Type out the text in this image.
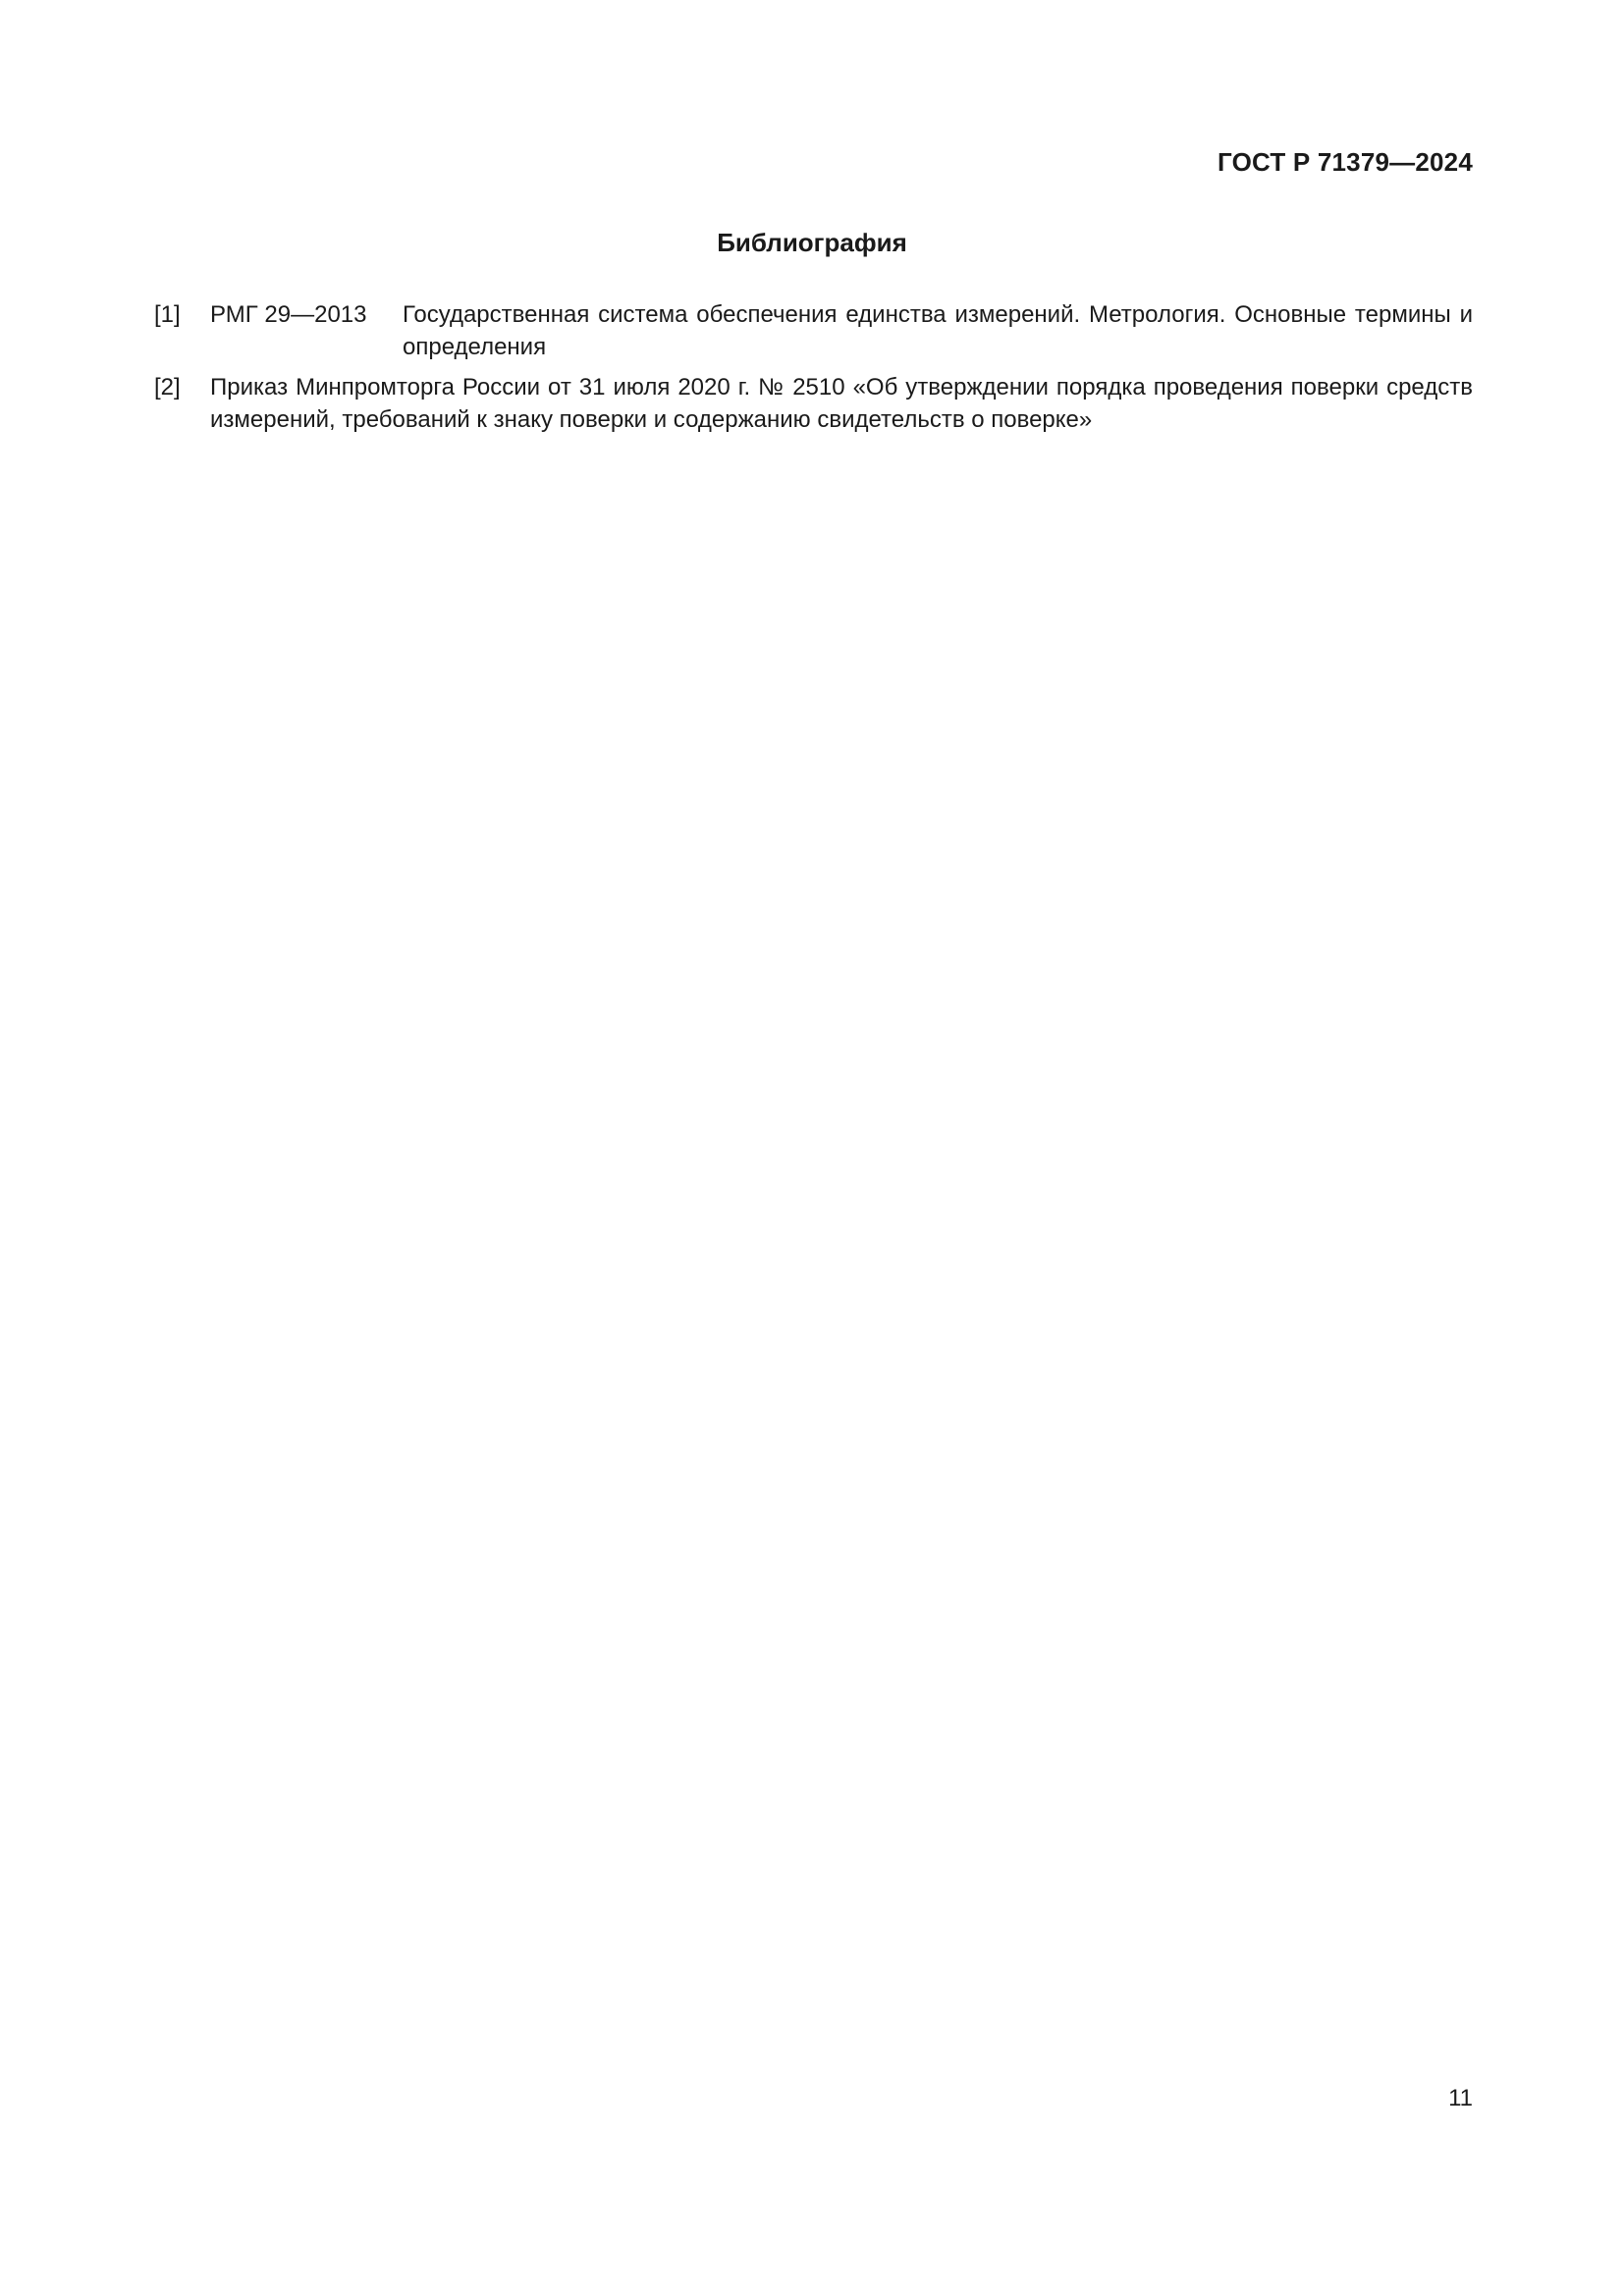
ГОСТ Р 71379—2024
Библиография
[1] РМГ 29—2013 Государственная система обеспечения единства измерений. Метрология. Основные термины и определения
[2] Приказ Минпромторга России от 31 июля 2020 г. № 2510 «Об утверждении порядка проведения поверки средств измерений, требований к знаку поверки и содержанию свидетельств о поверке»
11
